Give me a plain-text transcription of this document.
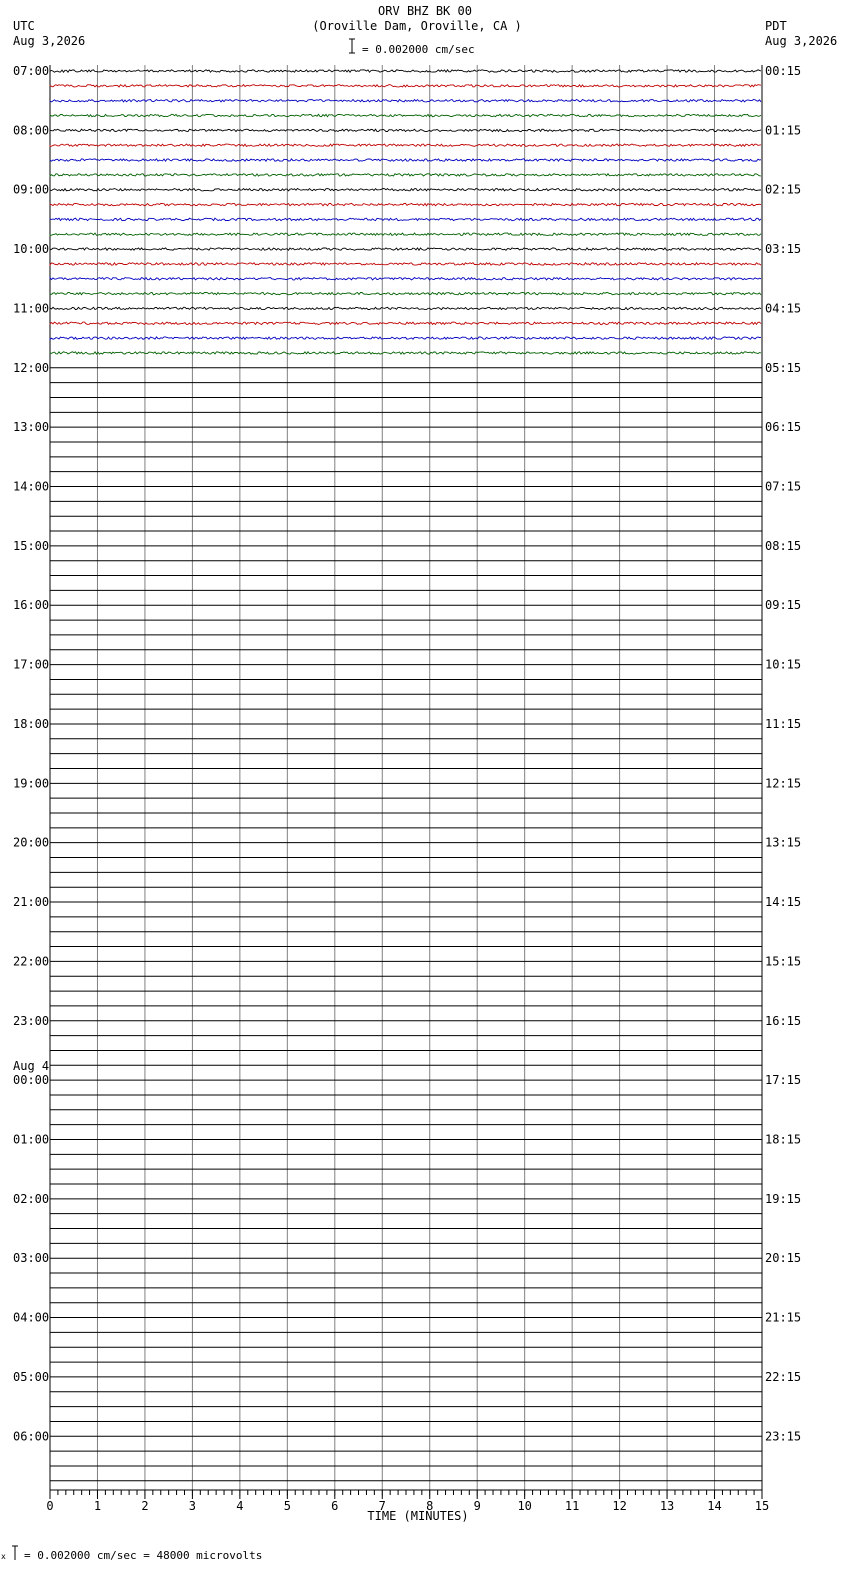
ORV BHZ BK 00
(Oroville Dam, Oroville, CA )
= 0.002000 cm/sec
UTC
Aug 3,2026
PDT
Aug 3,2026
07:00
08:00
09:00
10:00
11:00
12:00
13:00
14:00
15:00
16:00
17:00
18:00
19:00
20:00
21:00
22:00
23:00
00:00
Aug 4
01:00
02:00
03:00
04:00
05:00
06:00
00:15
01:15
02:15
03:15
04:15
05:15
06:15
07:15
08:15
09:15
10:15
11:15
12:15
13:15
14:15
15:15
16:15
17:15
18:15
19:15
20:15
21:15
22:15
23:15
0	1	2	3	4	5	6	7	8	9	10	11	12	13	14	15
TIME (MINUTES)
x = 0.002000 cm/sec = 48000 microvolts
